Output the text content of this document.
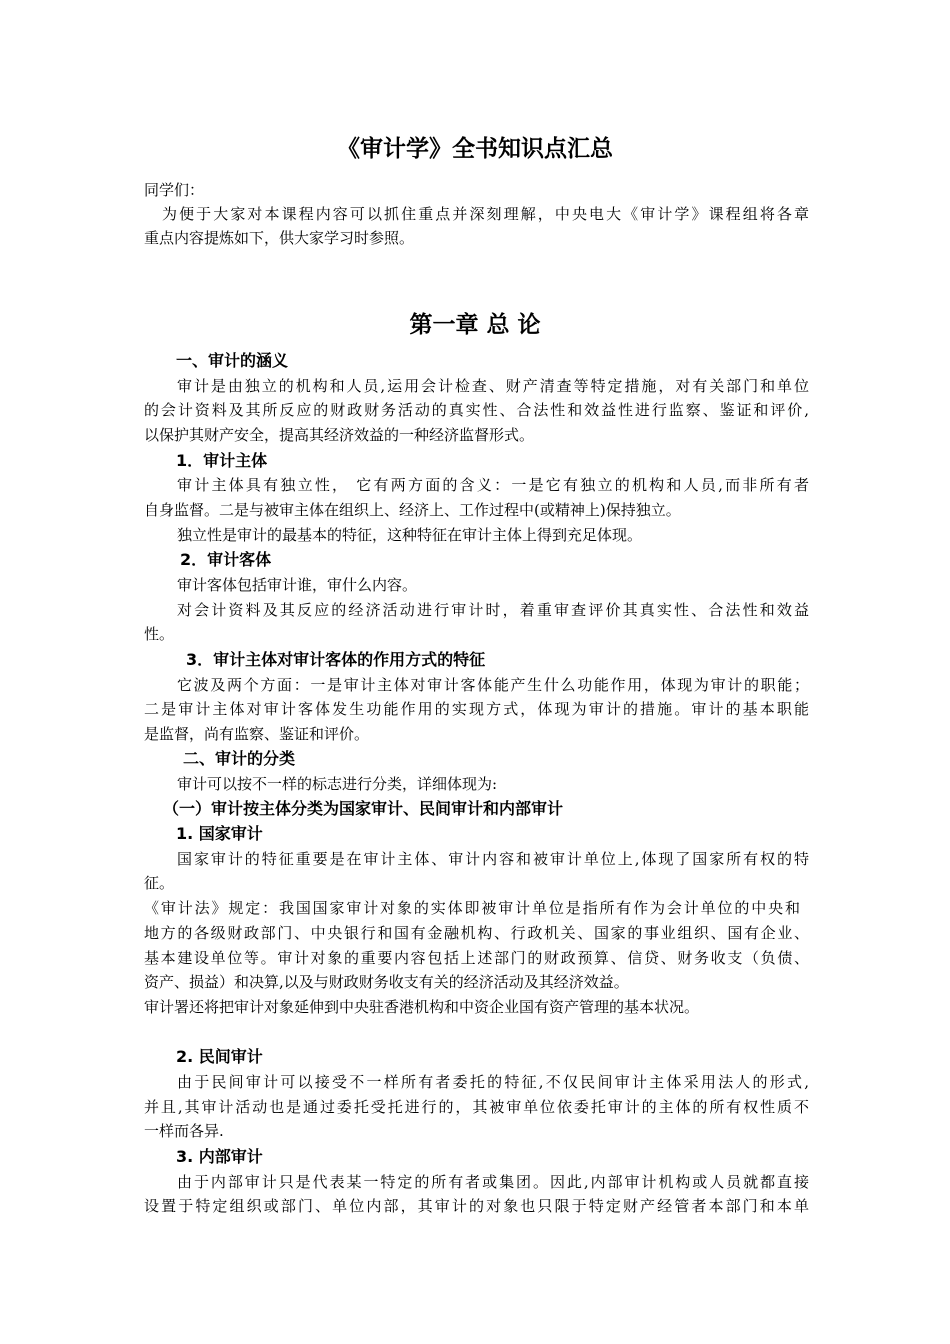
《审计学》全书知识点汇总
同学们：
为便于大家对本课程内容可以抓住重点并深刻理解，中央电大《审计学》课程组将各章
重点内容提炼如下，供大家学习时参照。
第一章 总 论
一、审计的涵义
审计是由独立的机构和人员,运用会计检查、财产清查等特定措施，对有关部门和单位
的会计资料及其所反应的财政财务活动的真实性、合法性和效益性进行监察、鉴证和评价,
以保护其财产安全，提高其经济效益的一种经济监督形式。
1．审计主体
审计主体具有独立性， 它有两方面的含义：一是它有独立的机构和人员,而非所有者
自身监督。二是与被审主体在组织上、经济上、工作过程中(或精神上)保持独立。
独立性是审计的最基本的特征，这种特征在审计主体上得到充足体现。
2．审计客体
审计客体包括审计谁，审什么内容。
对会计资料及其反应的经济活动进行审计时，着重审查评价其真实性、合法性和效益
性。
3．审计主体对审计客体的作用方式的特征
它波及两个方面：一是审计主体对审计客体能产生什么功能作用，体现为审计的职能；
二是审计主体对审计客体发生功能作用的实现方式，体现为审计的措施。审计的基本职能
是监督，尚有监察、鉴证和评价。
二、审计的分类
审计可以按不一样的标志进行分类，详细体现为:
（一）审计按主体分类为国家审计、民间审计和内部审计
1. 国家审计
国家审计的特征重要是在审计主体、审计内容和被审计单位上,体现了国家所有权的特
征。
《审计法》规定：我国国家审计对象的实体即被审计单位是指所有作为会计单位的中央和
地方的各级财政部门、中央银行和国有金融机构、行政机关、国家的事业组织、国有企业、
基本建设单位等。审计对象的重要内容包括上述部门的财政预算、信贷、财务收支（负债、
资产、损益）和决算,以及与财政财务收支有关的经济活动及其经济效益。
审计署还将把审计对象延伸到中央驻香港机构和中资企业国有资产管理的基本状况。
2. 民间审计
由于民间审计可以接受不一样所有者委托的特征,不仅民间审计主体采用法人的形式,
并且,其审计活动也是通过委托受托进行的，其被审单位依委托审计的主体的所有权性质不
一样而各异.
3. 内部审计
由于内部审计只是代表某一特定的所有者或集团。因此,内部审计机构或人员就都直接
设置于特定组织或部门、单位内部，其审计的对象也只限于特定财产经管者本部门和本单
